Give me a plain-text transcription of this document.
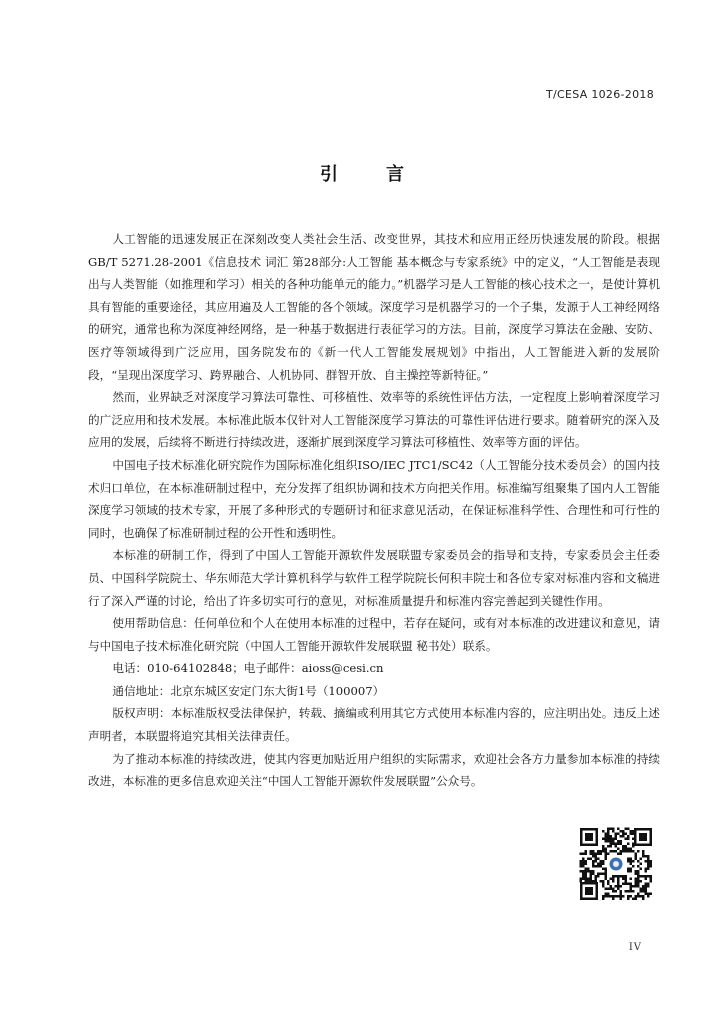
T/CESA 1026-2018
引	言

人工智能的迅速发展正在深刻改变人类社会生活、改变世界，其技术和应用正经历快速发展的阶段。根据GB/T 5271.28-2001《信息技术 词汇 第28部分:人工智能 基本概念与专家系统》中的定义，“人工智能是表现出与人类智能（如推理和学习）相关的各种功能单元的能力。”机器学习是人工智能的核心技术之一，是使计算机具有智能的重要途径，其应用遍及人工智能的各个领域。深度学习是机器学习的一个子集，发源于人工神经网络的研究，通常也称为深度神经网络，是一种基于数据进行表征学习的方法。目前，深度学习算法在金融、安防、医疗等领域得到广泛应用，国务院发布的《新一代人工智能发展规划》中指出，人工智能进入新的发展阶段，“呈现出深度学习、跨界融合、人机协同、群智开放、自主操控等新特征。”

然而，业界缺乏对深度学习算法可靠性、可移植性、效率等的系统性评估方法，一定程度上影响着深度学习的广泛应用和技术发展。本标准此版本仅针对人工智能深度学习算法的可靠性评估进行要求。随着研究的深入及应用的发展，后续将不断进行持续改进，逐渐扩展到深度学习算法可移植性、效率等方面的评估。

中国电子技术标准化研究院作为国际标准化组织ISO/IEC JTC1/SC42（人工智能分技术委员会）的国内技术归口单位，在本标准研制过程中，充分发挥了组织协调和技术方向把关作用。标准编写组聚集了国内人工智能深度学习领域的技术专家，开展了多种形式的专题研讨和征求意见活动，在保证标准科学性、合理性和可行性的同时，也确保了标准研制过程的公开性和透明性。

本标准的研制工作，得到了中国人工智能开源软件发展联盟专家委员会的指导和支持，专家委员会主任委员、中国科学院院士、华东师范大学计算机科学与软件工程学院院长何积丰院士和各位专家对标准内容和文稿进行了深入严谨的讨论，给出了许多切实可行的意见，对标准质量提升和标准内容完善起到关键性作用。

使用帮助信息：任何单位和个人在使用本标准的过程中，若存在疑问，或有对本标准的改进建议和意见，请与中国电子技术标准化研究院（中国人工智能开源软件发展联盟 秘书处）联系。

电话：010-64102848；电子邮件：aioss@cesi.cn

通信地址：北京东城区安定门东大街1号（100007）

版权声明：本标准版权受法律保护，转载、摘编或利用其它方式使用本标准内容的，应注明出处。违反上述声明者，本联盟将追究其相关法律责任。

为了推动本标准的持续改进，使其内容更加贴近用户组织的实际需求，欢迎社会各方力量参加本标准的持续改进，本标准的更多信息欢迎关注“中国人工智能开源软件发展联盟”公众号。

IV
